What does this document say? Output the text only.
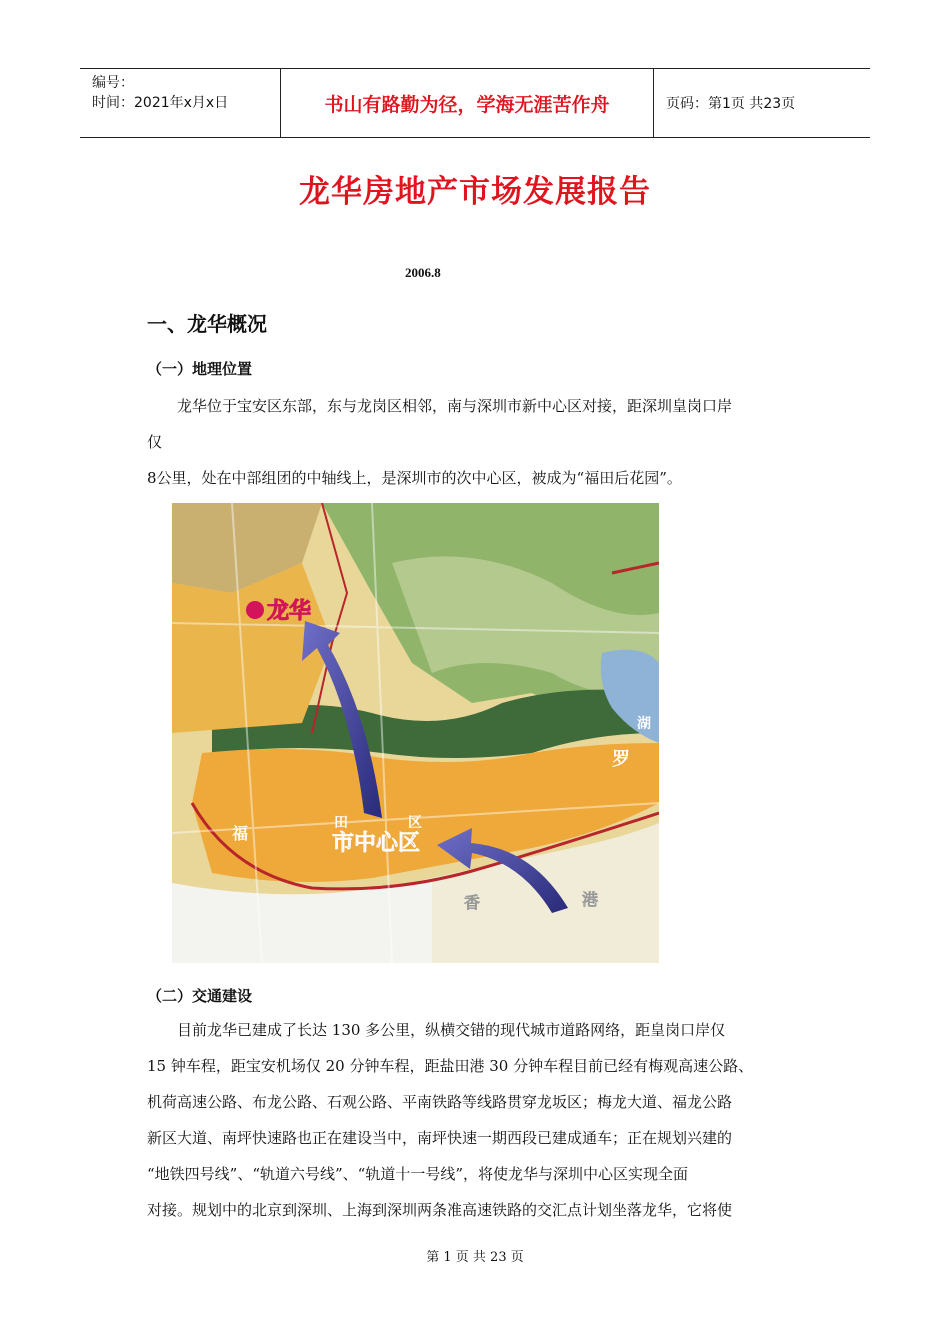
编号：
时间：2021年x月x日	书山有路勤为径，学海无涯苦作舟	页码：第1页 共23页
龙华房地产市场发展报告
2006.8
一、龙华概况
（一）地理位置
龙华位于宝安区东部，东与龙岗区相邻，南与深圳市新中心区对接，距深圳皇岗口岸
仅
8公里，处在中部组团的中轴线上，是深圳市的次中心区，被成为“福田后花园”。
龙华
市中心区
福
田	区
罗
湖
香	港
（二）交通建设
目前龙华已建成了长达 130 多公里，纵横交错的现代城市道路网络，距皇岗口岸仅
15 钟车程，距宝安机场仅 20 分钟车程，距盐田港 30 分钟车程目前已经有梅观高速公路、
机荷高速公路、布龙公路、石观公路、平南铁路等线路贯穿龙坂区；梅龙大道、福龙公路
新区大道、南坪快速路也正在建设当中，南坪快速一期西段已建成通车；正在规划兴建的
“地铁四号线”、“轨道六号线”、“轨道十一号线”，将使龙华与深圳中心区实现全面
对接。规划中的北京到深圳、上海到深圳两条准高速铁路的交汇点计划坐落龙华，它将使
第 1 页 共 23 页
